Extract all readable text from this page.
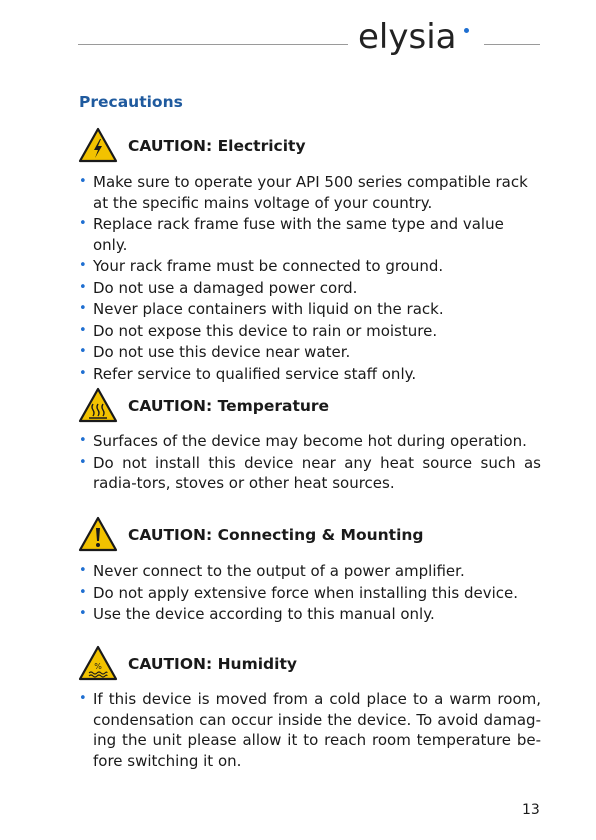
elysia
Precautions
CAUTION: Electricity
• Make sure to operate your API 500 series compatible rack at the specific mains voltage of your country.
• Replace rack frame fuse with the same type and value only.
• Your rack frame must be connected to ground.
• Do not use a damaged power cord.
• Never place containers with liquid on the rack.
• Do not expose this device to rain or moisture.
• Do not use this device near water.
• Refer service to qualified service staff only.
CAUTION: Temperature
• Surfaces of the device may become hot during operation.
• Do not install this device near any heat source such as radia-tors, stoves or other heat sources.
CAUTION: Connecting & Mounting
• Never connect to the output of a power amplifier.
• Do not apply extensive force when installing this device.
• Use the device according to this manual only.
% CAUTION: Humidity
• If this device is moved from a cold place to a warm room, condensation can occur inside the device. To avoid damag-ing the unit please allow it to reach room temperature be-fore switching it on.
13
